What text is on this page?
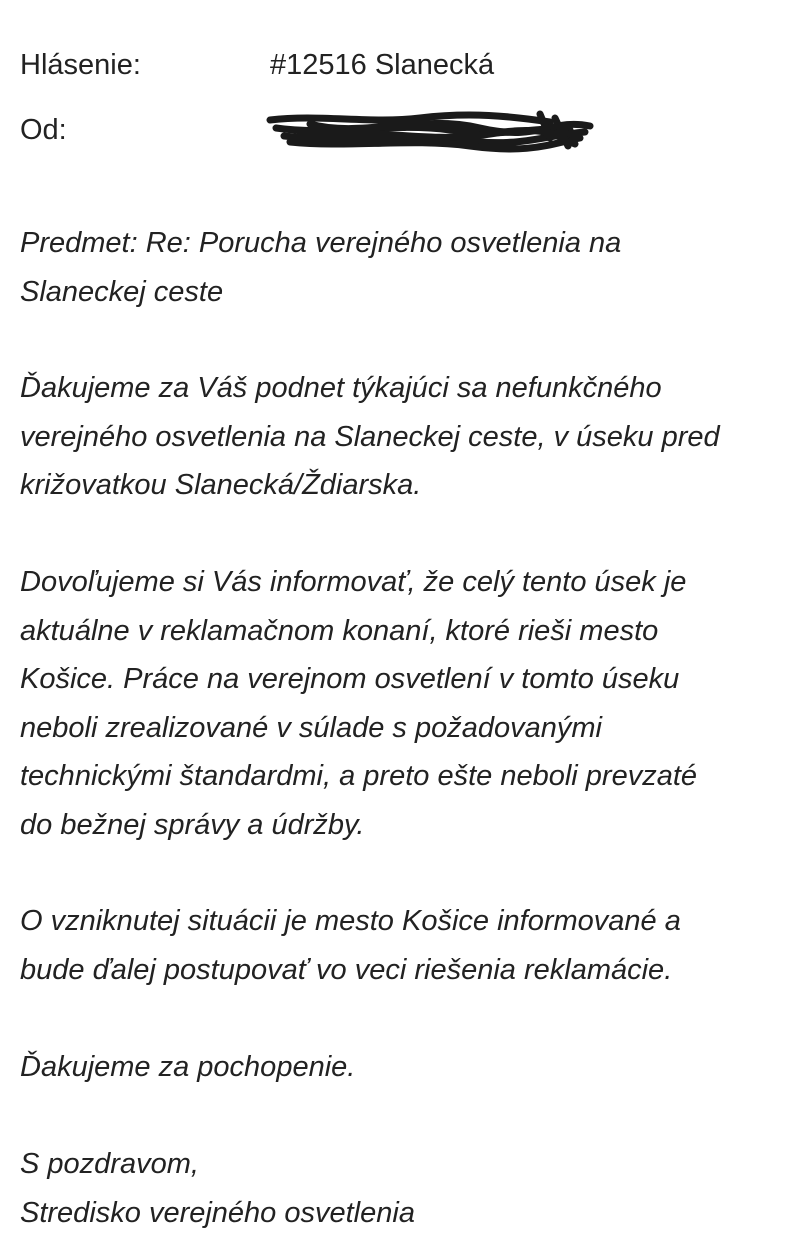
Hlásenie:	#12516 Slanecká
Od:

Predmet: Re: Porucha verejného osvetlenia na
Slaneckej ceste

Ďakujeme za Váš podnet týkajúci sa nefunkčného
verejného osvetlenia na Slaneckej ceste, v úseku pred
križovatkou Slanecká/Ždiarska.

Dovoľujeme si Vás informovať, že celý tento úsek je
aktuálne v reklamačnom konaní, ktoré rieši mesto
Košice. Práce na verejnom osvetlení v tomto úseku
neboli zrealizované v súlade s požadovanými
technickými štandardmi, a preto ešte neboli prevzaté
do bežnej správy a údržby.

O vzniknutej situácii je mesto Košice informované a
bude ďalej postupovať vo veci riešenia reklamácie.

Ďakujeme za pochopenie.

S pozdravom,
Stredisko verejného osvetlenia
